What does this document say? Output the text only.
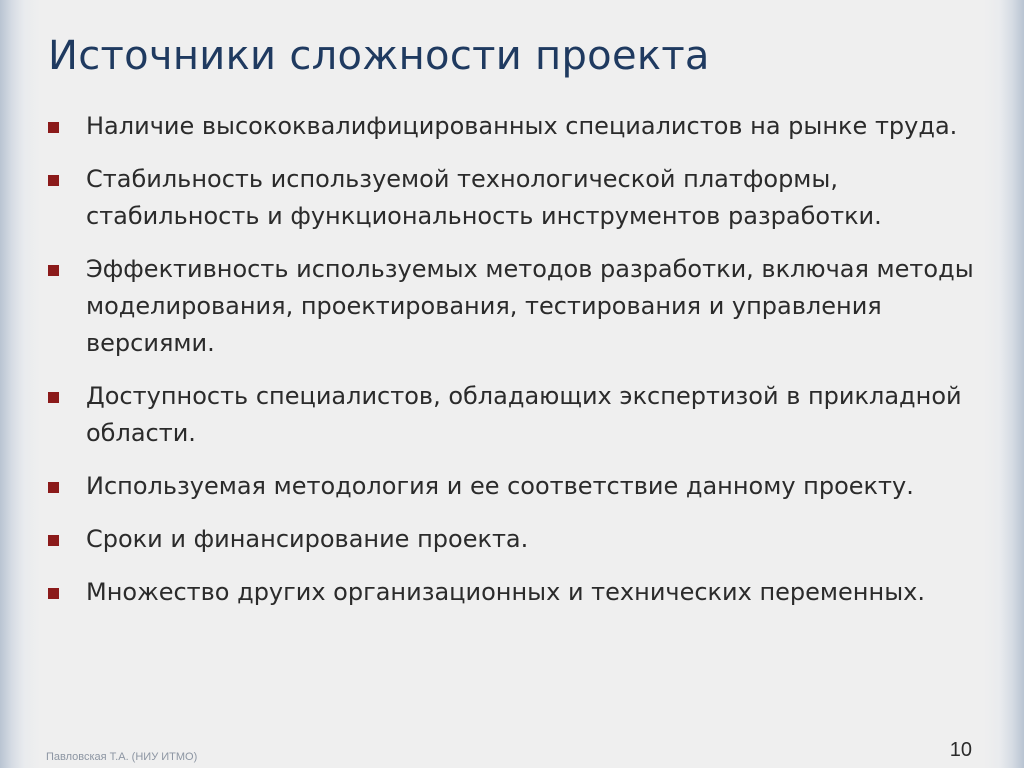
Источники сложности проекта
Наличие высококвалифицированных специалистов на рынке труда.
Стабильность используемой технологической платформы, стабильность и функциональность инструментов разработки.
Эффективность используемых методов разработки, включая методы моделирования, проектирования, тестирования и управления версиями.
Доступность специалистов, обладающих экспертизой в прикладной области.
Используемая методология и ее соответствие данному проекту.
Сроки и финансирование проекта.
Множество других организационных и технических переменных.
Павловская Т.А. (НИУ ИТМО)	10
